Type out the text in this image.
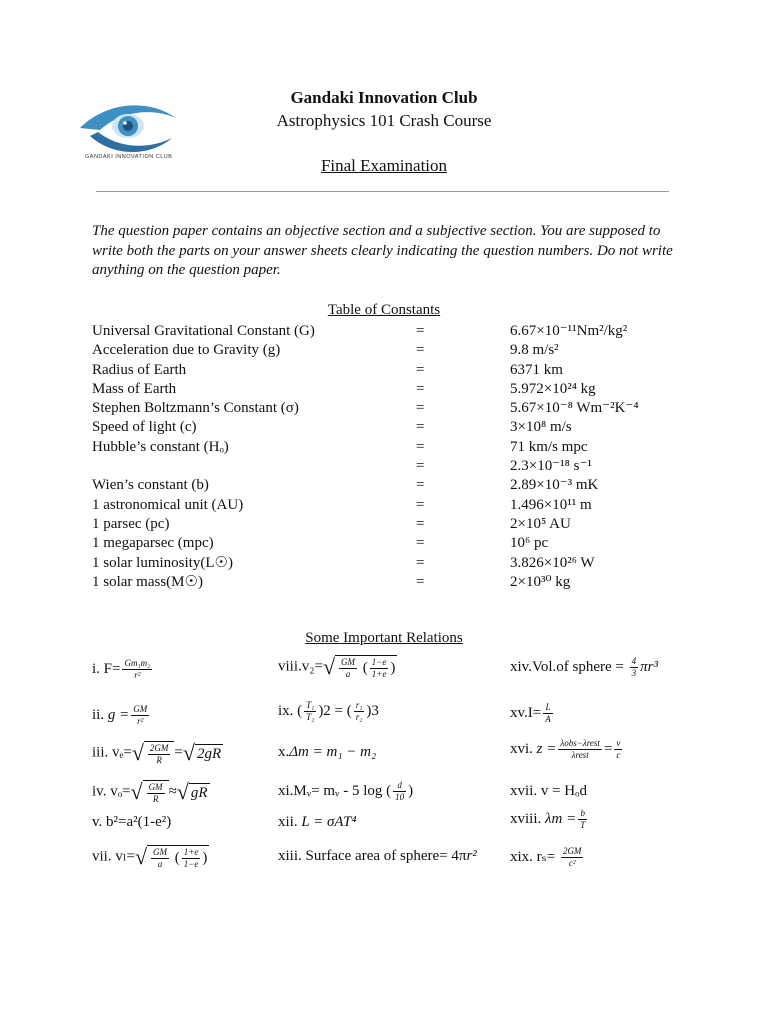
GANDAKI INNOVATION CLUB
Gandaki Innovation Club
Astrophysics 101 Crash Course
Final Examination
The question paper contains an objective section and a subjective section. You are supposed to write both the parts on your answer sheets clearly indicating the question numbers. Do not write anything on the question paper.
Table of Constants
Universal Gravitational Constant (G)	=	6.67×10⁻¹¹Nm²/kg²
Acceleration due to Gravity (g)	=	9.8 m/s²
Radius of Earth	=	6371 km
Mass of Earth	=	5.972×10²⁴ kg
Stephen Boltzmann’s Constant (σ)	=	5.67×10⁻⁸ Wm⁻²K⁻⁴
Speed of light (c)	=	3×10⁸ m/s
Hubble’s constant (Hₒ)	=	71 km/s mpc
=	2.3×10⁻¹⁸ s⁻¹
Wien’s constant (b)	=	2.89×10⁻³ mK
1 astronomical unit (AU)	=	1.496×10¹¹ m
1 parsec (pc)	=	2×10⁵ AU
1 megaparsec (mpc)	=	10⁶ pc
1 solar luminosity(L☉)	=	3.826×10²⁶ W
1 solar mass(M☉)	=	2×10³⁰ kg
Some Important Relations
i. $F= \frac{\text{Gm₁m₂}}{\text{r²}}$
ii. $g = \frac{GM}{\text{r²}}$
iii. $v_e=√ \frac{2GM}{R}$ =√ 2gR
iv. $v_o=√ \frac{GM}{R}$ ≈√ gR
v. b²=a²(1-e²)
vii. $v_l=√ \frac{GM}{a}$ ( $\frac{1+e}{1-e}$ )
viii.v₂=√ $\frac{GM}{a}$ ( $\frac{1-e}{1+e}$ )
ix. ( $\frac{\text{T₁}}{\text{T₂}} )2$ = ( $\frac{\text{r₁}}{\text{r₂}} )3$
x.Δm = m₁ − m₂
xi.Mᵥ= mᵥ - 5 log ( $\frac{d}{10}$ )
xii. L = σAT⁴
xiii. Surface area of sphere= 4πr²
xiv.Vol.of sphere = $\frac{4}{3} \pi r^3$
$xv.I= \frac{L}{A}$
xvi. $z = \frac{\text{λobs−λrest}}{\text{λrest}} = \frac{v}{c}$
xvii. v = Hₒd
xviii. $\lambda m = \frac{b}{T}$
xix. $r_s= \frac{2GM}{\text{c²}}$
